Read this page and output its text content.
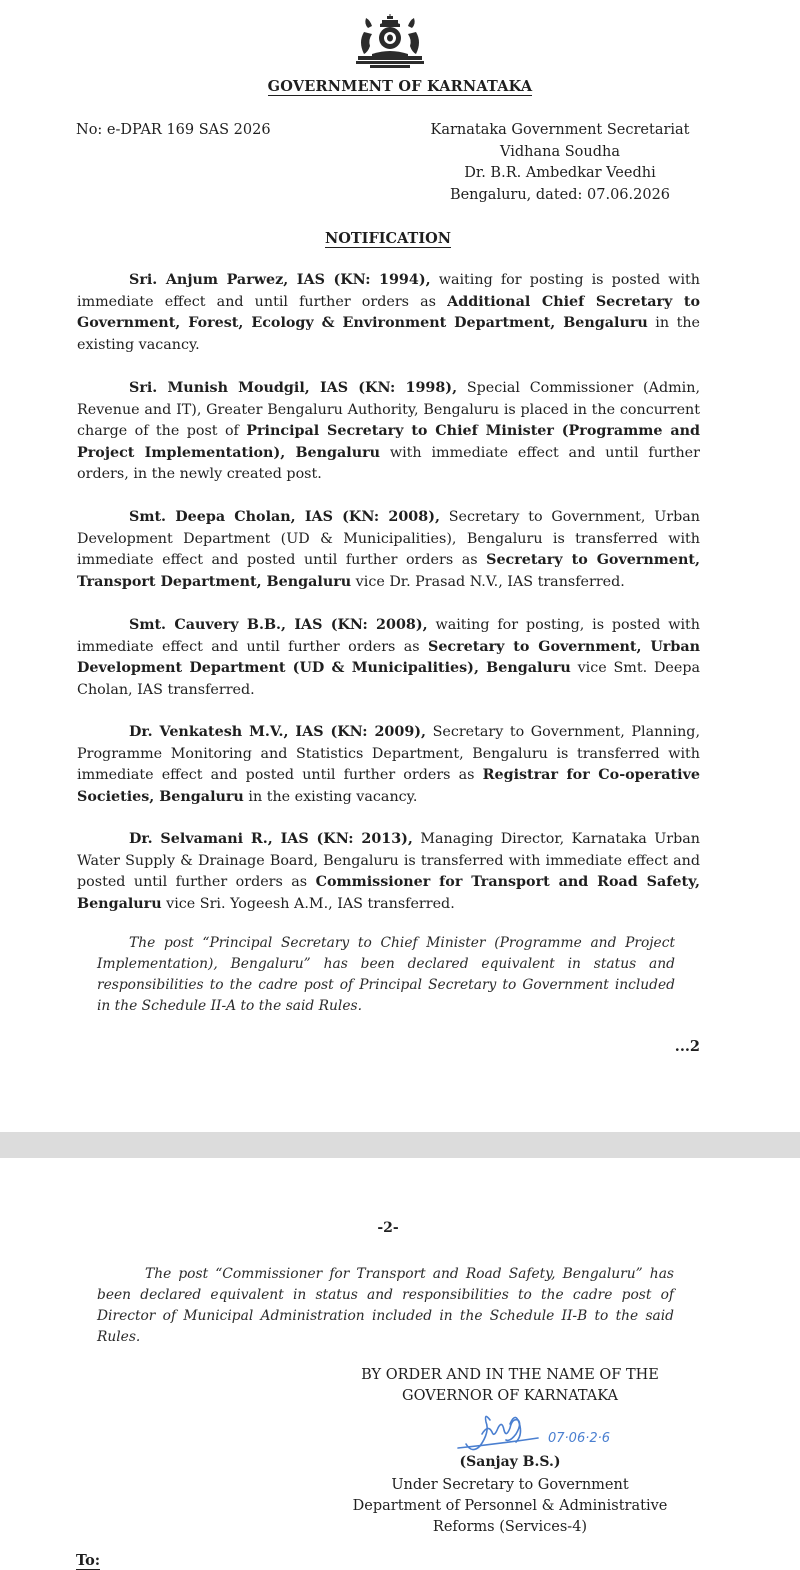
GOVERNMENT OF KARNATAKA
No: e-DPAR 169 SAS 2026	Karnataka Government Secretariat
Vidhana Soudha
Dr. B.R. Ambedkar Veedhi
Bengaluru, dated: 07.06.2026
NOTIFICATION

Sri. Anjum Parwez, IAS (KN: 1994), waiting for posting is posted with immediate effect and until further orders as Additional Chief Secretary to Government, Forest, Ecology & Environment Department, Bengaluru in the existing vacancy.

Sri. Munish Moudgil, IAS (KN: 1998), Special Commissioner (Admin, Revenue and IT), Greater Bengaluru Authority, Bengaluru is placed in the concurrent charge of the post of Principal Secretary to Chief Minister (Programme and Project Implementation), Bengaluru with immediate effect and until further orders, in the newly created post.

Smt. Deepa Cholan, IAS (KN: 2008), Secretary to Government, Urban Development Department (UD & Municipalities), Bengaluru is transferred with immediate effect and posted until further orders as Secretary to Government, Transport Department, Bengaluru vice Dr. Prasad N.V., IAS transferred.

Smt. Cauvery B.B., IAS (KN: 2008), waiting for posting, is posted with immediate effect and until further orders as Secretary to Government, Urban Development Department (UD & Municipalities), Bengaluru vice Smt. Deepa Cholan, IAS transferred.

Dr. Venkatesh M.V., IAS (KN: 2009), Secretary to Government, Planning, Programme Monitoring and Statistics Department, Bengaluru is transferred with immediate effect and posted until further orders as Registrar for Co-operative Societies, Bengaluru in the existing vacancy.

Dr. Selvamani R., IAS (KN: 2013), Managing Director, Karnataka Urban Water Supply & Drainage Board, Bengaluru is transferred with immediate effect and posted until further orders as Commissioner for Transport and Road Safety, Bengaluru vice Sri. Yogeesh A.M., IAS transferred.

The post “Principal Secretary to Chief Minister (Programme and Project Implementation), Bengaluru” has been declared equivalent in status and responsibilities to the cadre post of Principal Secretary to Government included in the Schedule II-A to the said Rules.

...2
-2-

The post “Commissioner for Transport and Road Safety, Bengaluru” has been declared equivalent in status and responsibilities to the cadre post of Director of Municipal Administration included in the Schedule II-B to the said Rules.

BY ORDER AND IN THE NAME OF THE
GOVERNOR OF KARNATAKA
07·06·2·6
(Sanjay B.S.)
Under Secretary to Government
Department of Personnel & Administrative
Reforms (Services-4)
To:
